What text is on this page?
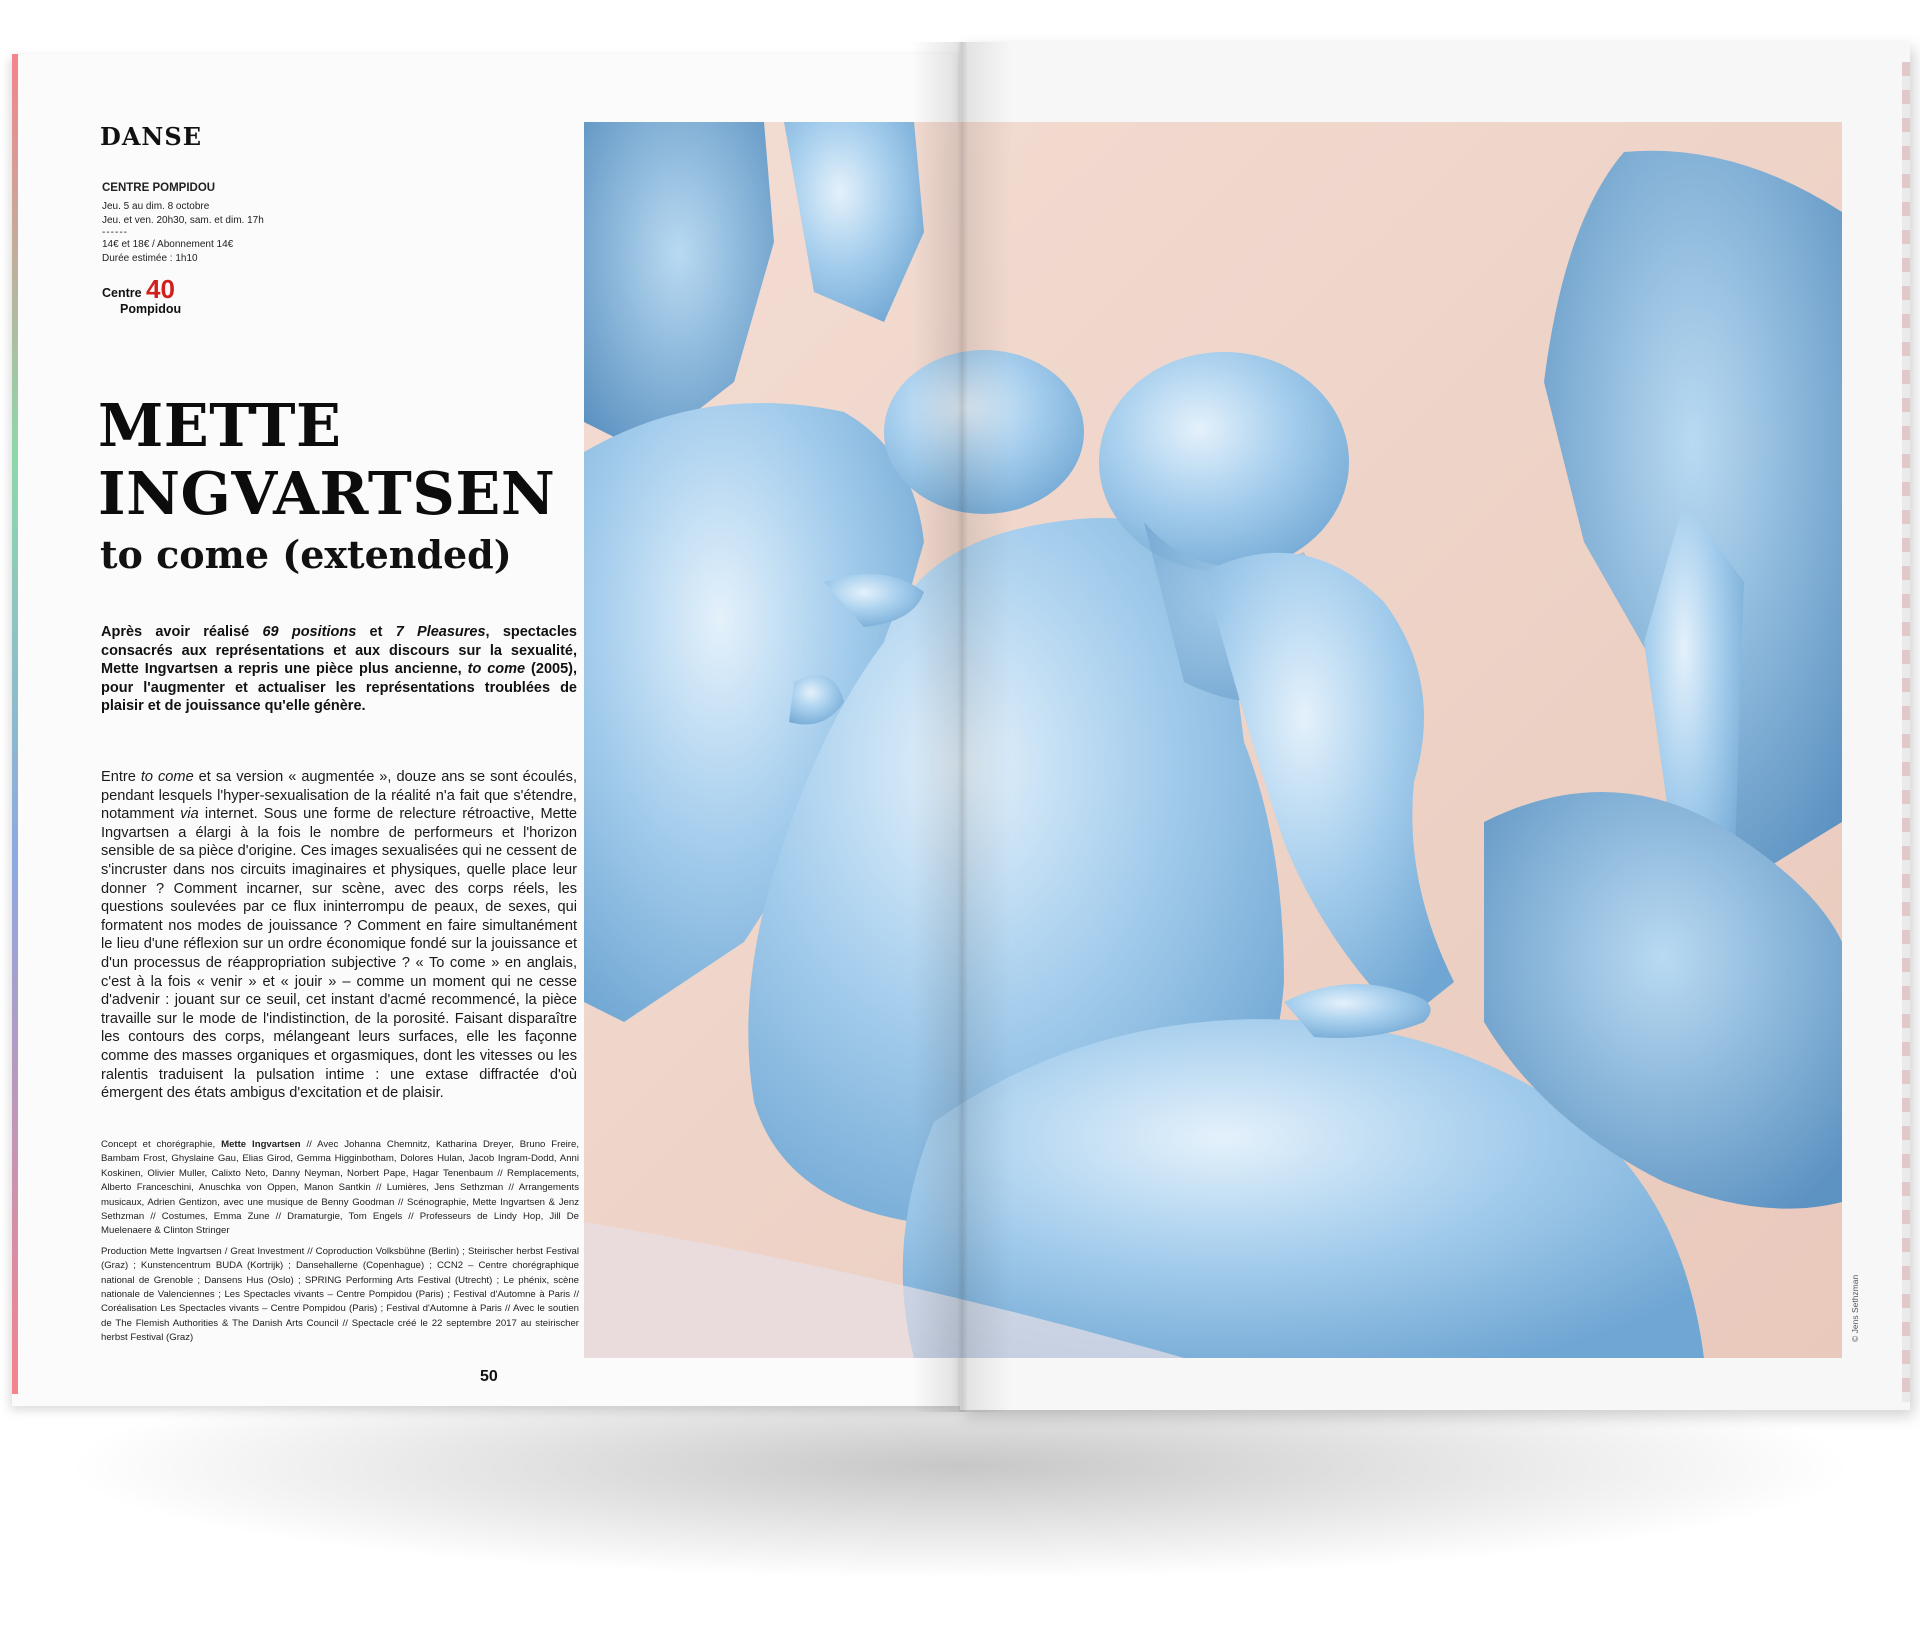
DANSE
CENTRE POMPIDOU
Jeu. 5 au dim. 8 octobre
Jeu. et ven. 20h30, sam. et dim. 17h
------
14€ et 18€ / Abonnement 14€
Durée estimée : 1h10
Centre 40
Pompidou
METTE
INGVARTSEN
to come (extended)
Après avoir réalisé 69 positions et 7 Pleasures, spectacles consacrés aux représentations et aux discours sur la sexualité, Mette Ingvartsen a repris une pièce plus ancienne, to come (2005), pour l'augmenter et actualiser les représentations troublées de plaisir et de jouissance qu'elle génère.
Entre to come et sa version « augmentée », douze ans se sont écoulés, pendant lesquels l'hyper-sexualisation de la réalité n'a fait que s'étendre, notamment via internet. Sous une forme de relecture rétroactive, Mette Ingvartsen a élargi à la fois le nombre de performeurs et l'horizon sensible de sa pièce d'origine. Ces images sexualisées qui ne cessent de s'incruster dans nos circuits imaginaires et physiques, quelle place leur donner ? Comment incarner, sur scène, avec des corps réels, les questions soulevées par ce flux ininterrompu de peaux, de sexes, qui formatent nos modes de jouissance ? Comment en faire simultanément le lieu d'une réflexion sur un ordre économique fondé sur la jouissance et d'un processus de réappropriation subjective ? « To come » en anglais, c'est à la fois « venir » et « jouir » – comme un moment qui ne cesse d'advenir : jouant sur ce seuil, cet instant d'acmé recommencé, la pièce travaille sur le mode de l'indistinction, de la porosité. Faisant disparaître les contours des corps, mélangeant leurs surfaces, elle les façonne comme des masses organiques et orgasmiques, dont les vitesses ou les ralentis traduisent la pulsation intime : une extase diffractée d'où émergent des états ambigus d'excitation et de plaisir.

Concept et chorégraphie, Mette Ingvartsen // Avec Johanna Chemnitz, Katharina Dreyer, Bruno Freire, Bambam Frost, Ghyslaine Gau, Elias Girod, Gemma Higginbotham, Dolores Hulan, Jacob Ingram-Dodd, Anni Koskinen, Olivier Muller, Calixto Neto, Danny Neyman, Norbert Pape, Hagar Tenenbaum // Remplacements, Alberto Franceschini, Anuschka von Oppen, Manon Santkin // Lumières, Jens Sethzman // Arrangements musicaux, Adrien Gentizon, avec une musique de Benny Goodman // Scénographie, Mette Ingvartsen & Jenz Sethzman // Costumes, Emma Zune // Dramaturgie, Tom Engels // Professeurs de Lindy Hop, Jill De Muelenaere & Clinton Stringer

Production Mette Ingvartsen / Great Investment // Coproduction Volksbühne (Berlin) ; Steirischer herbst Festival (Graz) ; Kunstencentrum BUDA (Kortrijk) ; Dansehallerne (Copenhague) ; CCN2 – Centre chorégraphique national de Grenoble ; Dansens Hus (Oslo) ; SPRING Performing Arts Festival (Utrecht) ; Le phénix, scène nationale de Valenciennes ; Les Spectacles vivants – Centre Pompidou (Paris) ; Festival d'Automne à Paris // Coréalisation Les Spectacles vivants – Centre Pompidou (Paris) ; Festival d'Automne à Paris // Avec le soutien de The Flemish Authorities & The Danish Arts Council // Spectacle créé le 22 septembre 2017 au steirischer herbst Festival (Graz)

50
© Jens Sethzman
